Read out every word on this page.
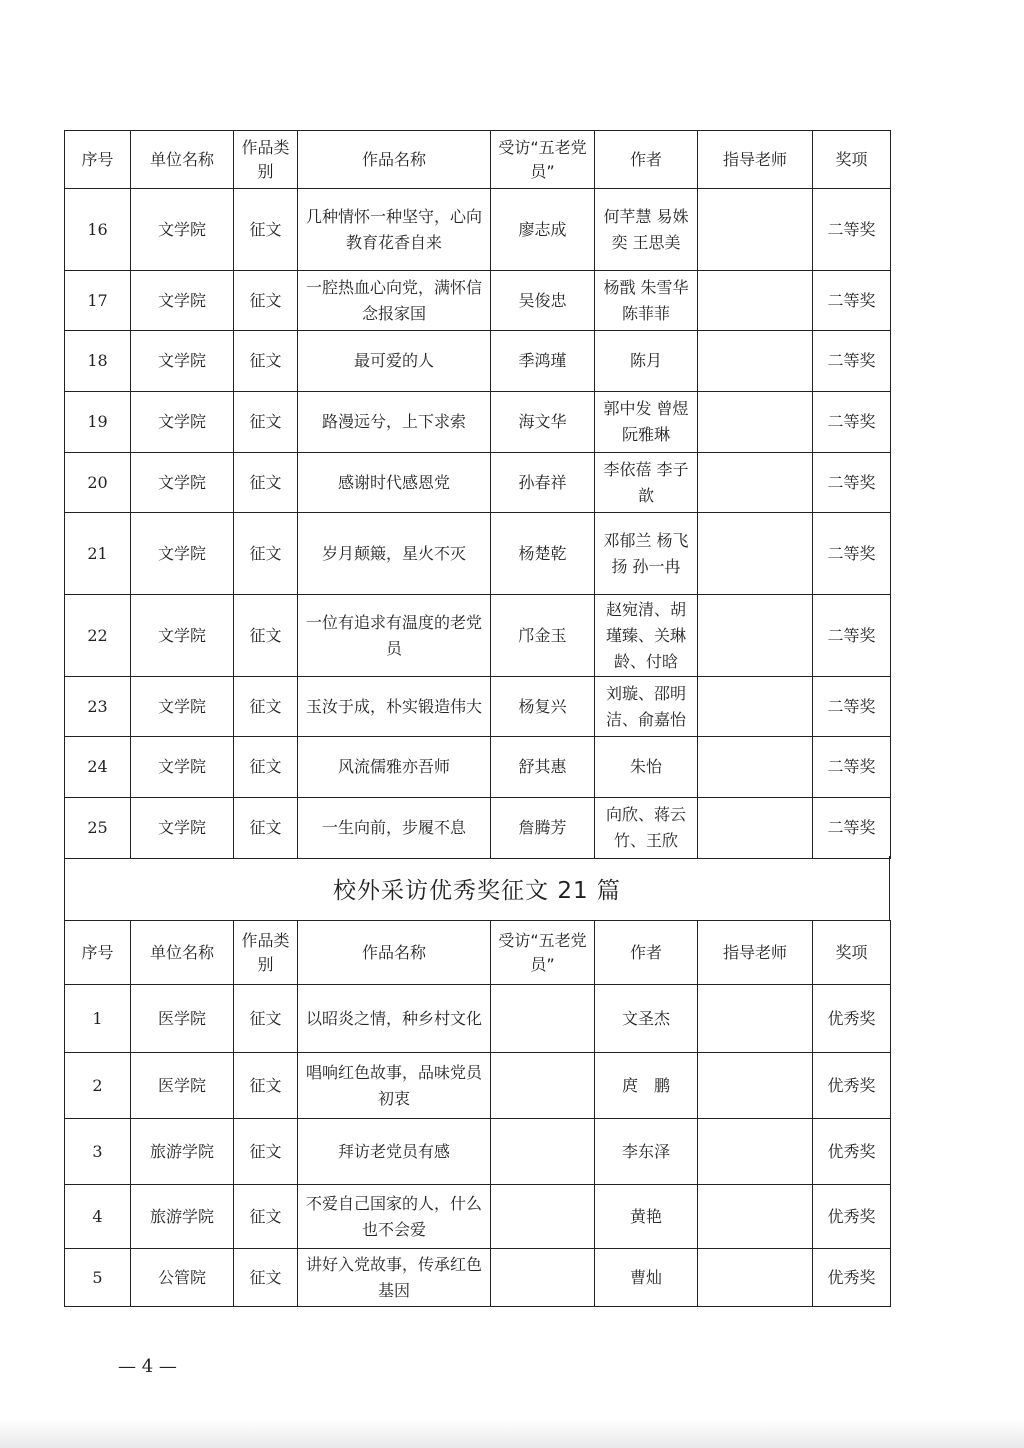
序号	单位名称	作品类别	作品名称	受访“五老党员”	作者	指导老师	奖项
16	文学院	征文	几种情怀一种坚守，心向教育花香自来	廖志成	何芊慧 易姝奕 王思美		二等奖
17	文学院	征文	一腔热血心向党，满怀信念报家国	吴俊忠	杨戬 朱雪华 陈菲菲		二等奖
18	文学院	征文	最可爱的人	季鸿瑾	陈月		二等奖
19	文学院	征文	路漫远兮，上下求索	海文华	郭中发 曾煜 阮雅琳		二等奖
20	文学院	征文	感谢时代感恩党	孙春祥	李依蓓 李子歆		二等奖
21	文学院	征文	岁月颠簸，星火不灭	杨楚乾	邓郁兰 杨飞扬 孙一冉		二等奖
22	文学院	征文	一位有追求有温度的老党员	邝金玉	赵宛清、胡瑾臻、关琳龄、付晗		二等奖
23	文学院	征文	玉汝于成，朴实锻造伟大	杨复兴	刘璇、邵明洁、俞嘉怡		二等奖
24	文学院	征文	风流儒雅亦吾师	舒其惠	朱怡		二等奖
25	文学院	征文	一生向前，步履不息	詹腾芳	向欣、蒋云竹、王欣		二等奖
校外采访优秀奖征文 21 篇
序号	单位名称	作品类别	作品名称	受访“五老党员”	作者	指导老师	奖项
1	医学院	征文	以昭炎之情，种乡村文化		文圣杰		优秀奖
2	医学院	征文	唱响红色故事，品味党员初衷		庹　鹏		优秀奖
3	旅游学院	征文	拜访老党员有感		李东泽		优秀奖
4	旅游学院	征文	不爱自己国家的人，什么也不会爱		黄艳		优秀奖
5	公管院	征文	讲好入党故事，传承红色基因		曹灿		优秀奖
— 4 —
